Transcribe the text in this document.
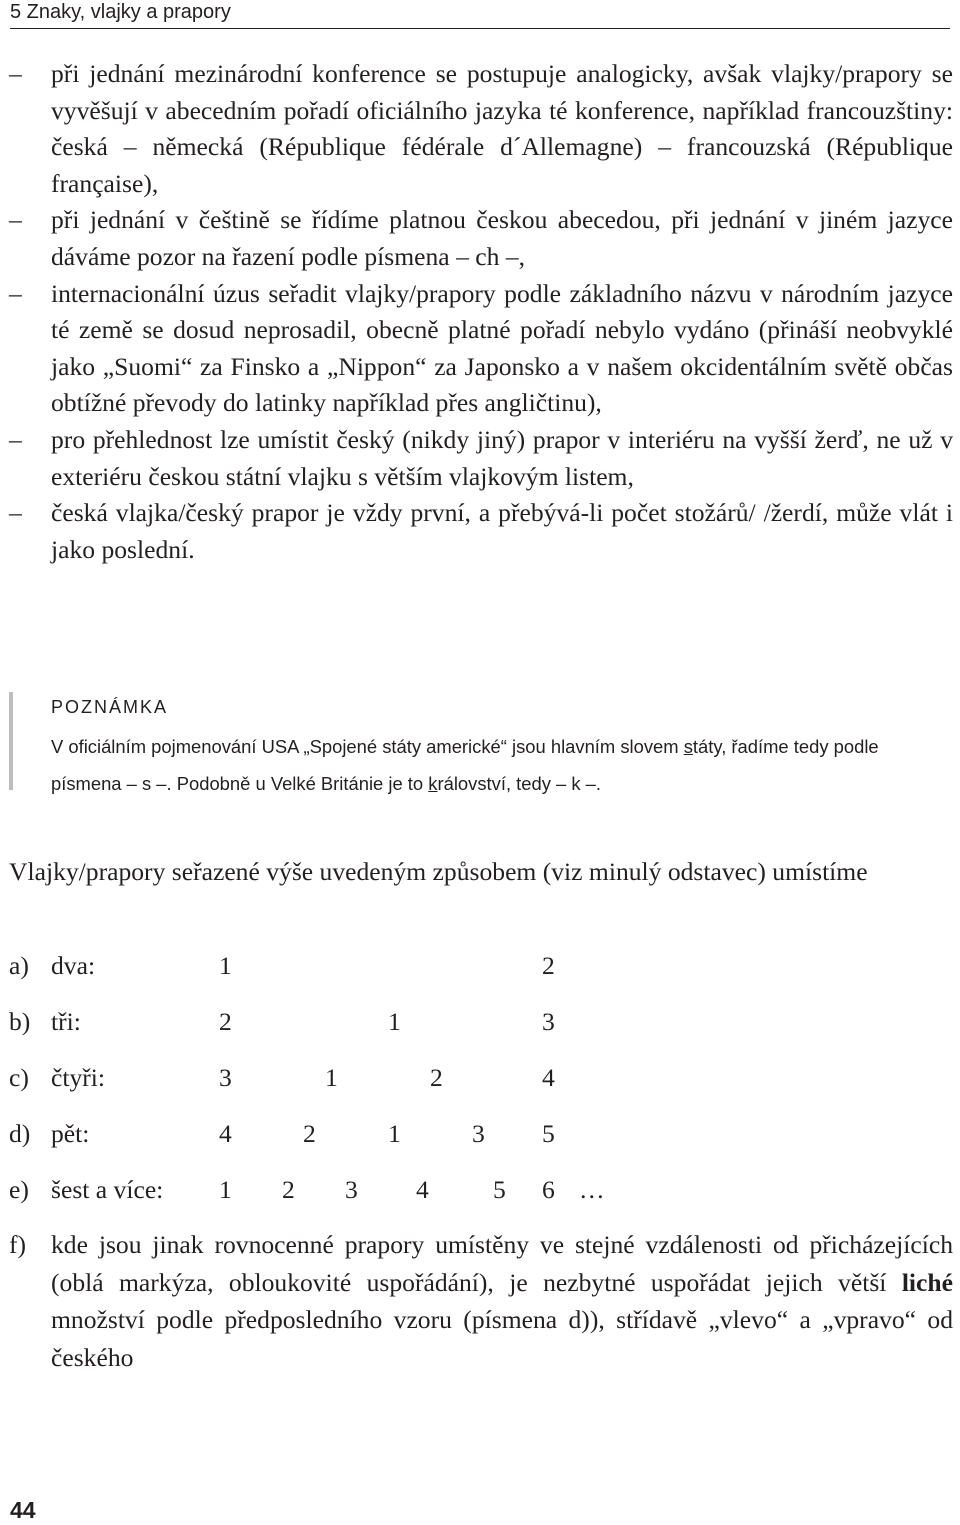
5 Znaky, vlajky a prapory
–	při jednání mezinárodní konference se postupuje analogicky, avšak vlajky/prapory se vyvěšují v abecedním pořadí oficiálního jazyka té konference, například francouzštiny: česká – německá (République fédérale d´Allemagne) – francouzská (République française),
–	při jednání v češtině se řídíme platnou českou abecedou, při jednání v jiném jazyce dáváme pozor na řazení podle písmena – ch –,
–	internacionální úzus seřadit vlajky/prapory podle základního názvu v národním jazyce té země se dosud neprosadil, obecně platné pořadí nebylo vydáno (přináší neobvyklé jako „Suomi“ za Finsko a „Nippon“ za Japonsko a v našem okcidentálním světě občas obtížné převody do latinky například přes angličtinu),
–	pro přehlednost lze umístit český (nikdy jiný) prapor v interiéru na vyšší žerď, ne už v exteriéru českou státní vlajku s větším vlajkovým listem,
–	česká vlajka/český prapor je vždy první, a přebývá-li počet stožárů/ /žerdí, může vlát i jako poslední.
POZNÁMKA

V oficiálním pojmenování USA „Spojené státy americké“ jsou hlavním slovem státy, řadíme tedy podle písmena – s –. Podobně u Velké Británie je to království, tedy – k –.

Vlajky/prapory seřazené výše uvedeným způsobem (viz minulý odstavec) umístíme

a) dva:	1	2
b) tři:	2	1	3
c) čtyři:	3	1	2	4
d) pět:	4	2	1	3 5
e) šest a více: 1 2 3 4	5 6 …
f) kde jsou jinak rovnocenné prapory umístěny ve stejné vzdálenosti od přicházejících (oblá markýza, obloukovité uspořádání), je nezbytné uspořádat jejich větší liché množství podle předposledního vzoru (písmena d)), střídavě „vlevo“ a „vpravo“ od českého

44
